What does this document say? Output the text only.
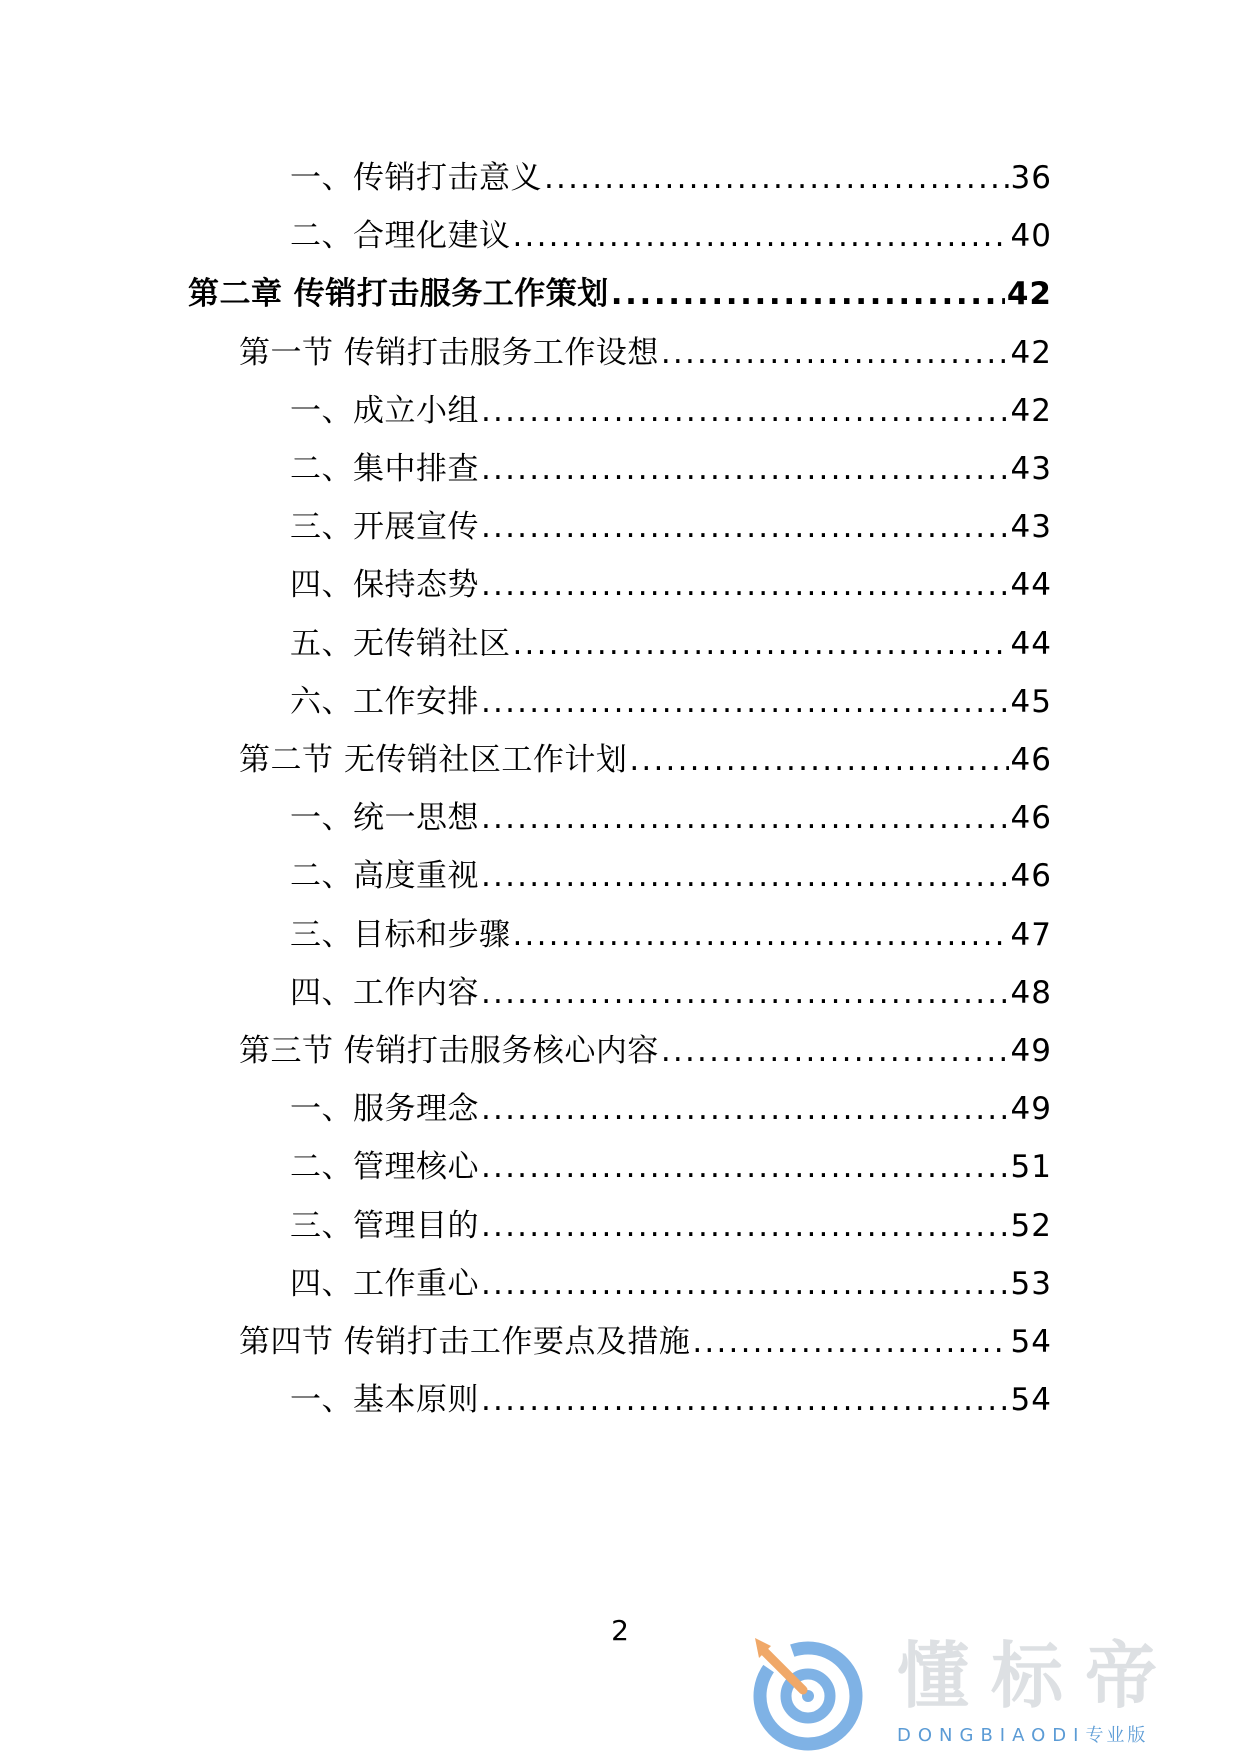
一、传销打击意义 .....	36
二、合理化建议 .....	40
第二章 传销打击服务工作策划 .....	42
第一节 传销打击服务工作设想 .....	42
一、成立小组 .....	42
二、集中排查 .....	43
三、开展宣传 .....	43
四、保持态势 .....	44
五、无传销社区 .....	44
六、工作安排 .....	45
第二节 无传销社区工作计划 .....	46
一、统一思想 .....	46
二、高度重视 .....	46
三、目标和步骤 .....	47
四、工作内容 .....	48
第三节 传销打击服务核心内容 .....	49
一、服务理念 .....	49
二、管理核心 .....	51
三、管理目的 .....	52
四、工作重心 .....	53
第四节 传销打击工作要点及措施 .....	54
一、基本原则 .....	54
2
懂标帝
DONGBIAODI专业版
